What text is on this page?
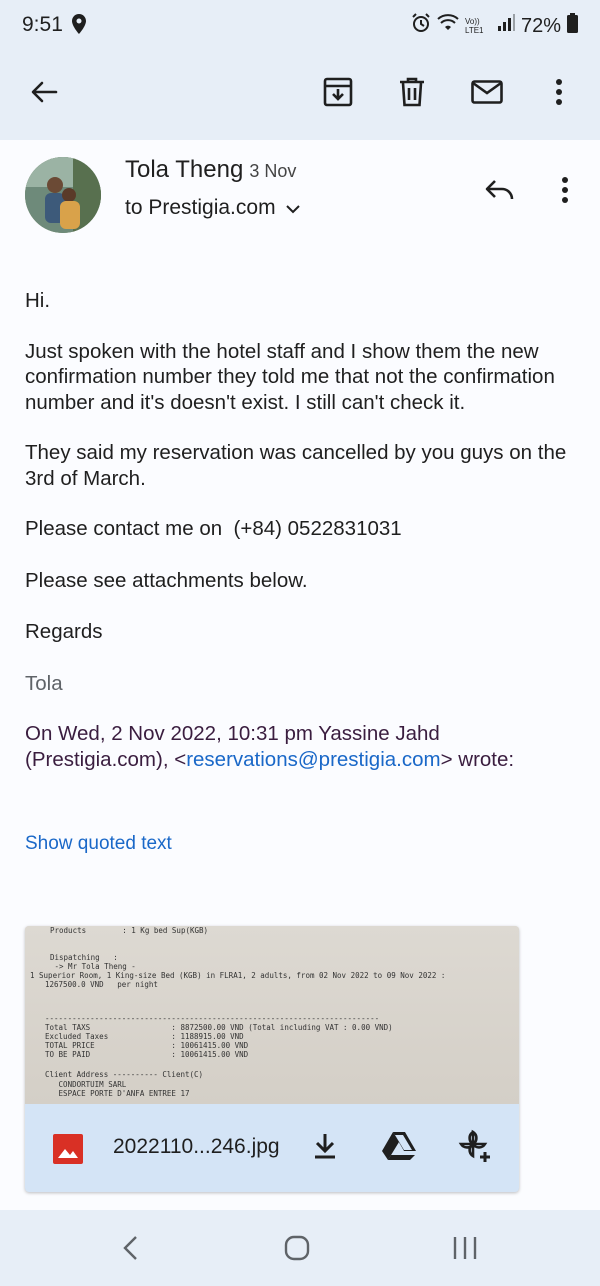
9:51	Vo)) LTE1	72%
Tola Theng 3 Nov
to Prestigia.com

Hi.

Just spoken with the hotel staff and I show them the new confirmation number they told me that not the confirmation number and it's doesn't exist. I still can't check it.

They said my reservation was cancelled by you guys on the 3rd of March.

Please contact me on  (+84) 0522831031

Please see attachments below.

Regards

Tola

On Wed, 2 Nov 2022, 10:31 pm Yassine Jahd (Prestigia.com), <reservations@prestigia.com> wrote:

Show quoted text
Products        : 1 Kg bed Sup(KGB)
Dispatching   :
-> Mr Tola Theng -
1 Superior Room, 1 King-size Bed (KGB) in FLRA1, 2 adults, from 02 Nov 2022 to 09 Nov 2022 :
1267500.0 VND   per night
--------------------------------------------------------------------------
Total TAXS                  : 8872500.00 VND (Total including VAT : 0.00 VND)
Excluded Taxes              : 1188915.00 VND
TOTAL PRICE                 : 10061415.00 VND
TO BE PAID                  : 10061415.00 VND
Client Address ---------- Client(C)
CONDORTUIM SARL
ESPACE PORTE D'ANFA ENTREE 17
2022110...246.jpg
